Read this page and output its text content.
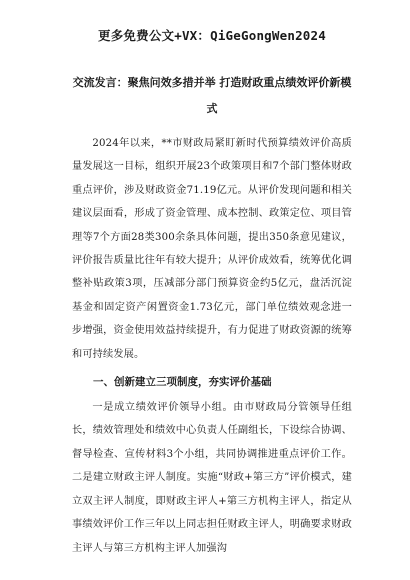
更多免费公文+VX：QiGeGongWen2024
交流发言：聚焦问效多措并举 打造财政重点绩效评价新模式

2024年以来，**市财政局紧盯新时代预算绩效评价高质量发展这一目标，组织开展23个政策项目和7个部门整体财政重点评价，涉及财政资金71.19亿元。从评价发现问题和相关建议层面看，形成了资金管理、成本控制、政策定位、项目管理等7个方面28类300余条具体问题，提出350条意见建议，评价报告质量比往年有较大提升；从评价成效看，统筹优化调整补贴政策3项，压减部分部门预算资金约5亿元，盘活沉淀基金和固定资产闲置资金1.73亿元，部门单位绩效观念进一步增强，资金使用效益持续提升，有力促进了财政资源的统筹和可持续发展。

一、创新建立三项制度，夯实评价基础

一是成立绩效评价领导小组。由市财政局分管领导任组长，绩效管理处和绩效中心负责人任副组长，下设综合协调、督导检查、宣传材料3个小组，共同协调推进重点评价工作。二是建立财政主评人制度。实施“财政+第三方”评价模式，建立双主评人制度，即财政主评人+第三方机构主评人，指定从事绩效评价工作三年以上同志担任财政主评人，明确要求财政主评人与第三方机构主评人加强沟
